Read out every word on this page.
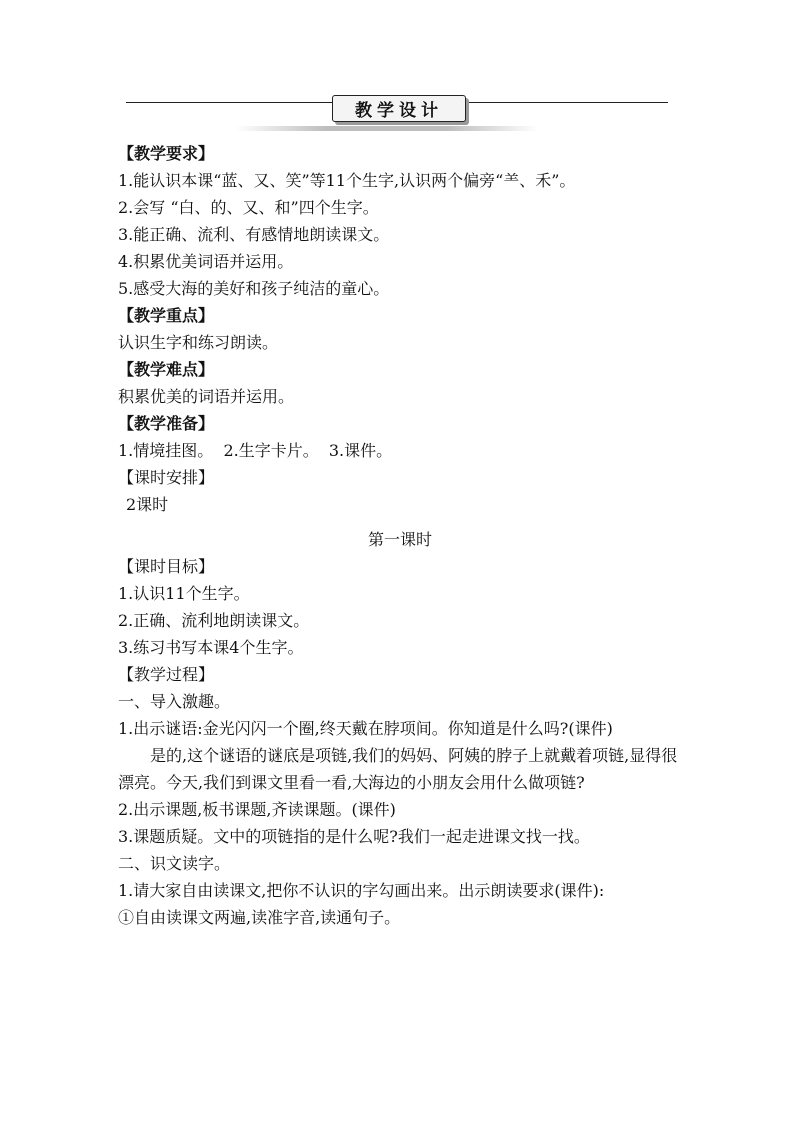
教学设计

【教学要求】

1.能认识本课“蓝、又、笑”等11个生字,认识两个偏旁“⺷、禾”。

2.会写 “白、的、又、和”四个生字。

3.能正确、流利、有感情地朗读课文。

4.积累优美词语并运用。

5.感受大海的美好和孩子纯洁的童心。

【教学重点】

认识生字和练习朗读。

【教学难点】

积累优美的词语并运用。

【教学准备】

1.情境挂图。  2.生字卡片。  3.课件。

【课时安排】

2课时

第一课时

【课时目标】

1.认识11个生字。

2.正确、流利地朗读课文。

3.练习书写本课4个生字。

【教学过程】

一、导入激趣。

1.出示谜语:金光闪闪一个圈,终天戴在脖项间。你知道是什么吗?(课件)

是的,这个谜语的谜底是项链,我们的妈妈、阿姨的脖子上就戴着项链,显得很漂亮。今天,我们到课文里看一看,大海边的小朋友会用什么做项链?

2.出示课题,板书课题,齐读课题。(课件)

3.课题质疑。文中的项链指的是什么呢?我们一起走进课文找一找。

二、识文读字。

1.请大家自由读课文,把你不认识的字勾画出来。出示朗读要求(课件):

①自由读课文两遍,读准字音,读通句子。
